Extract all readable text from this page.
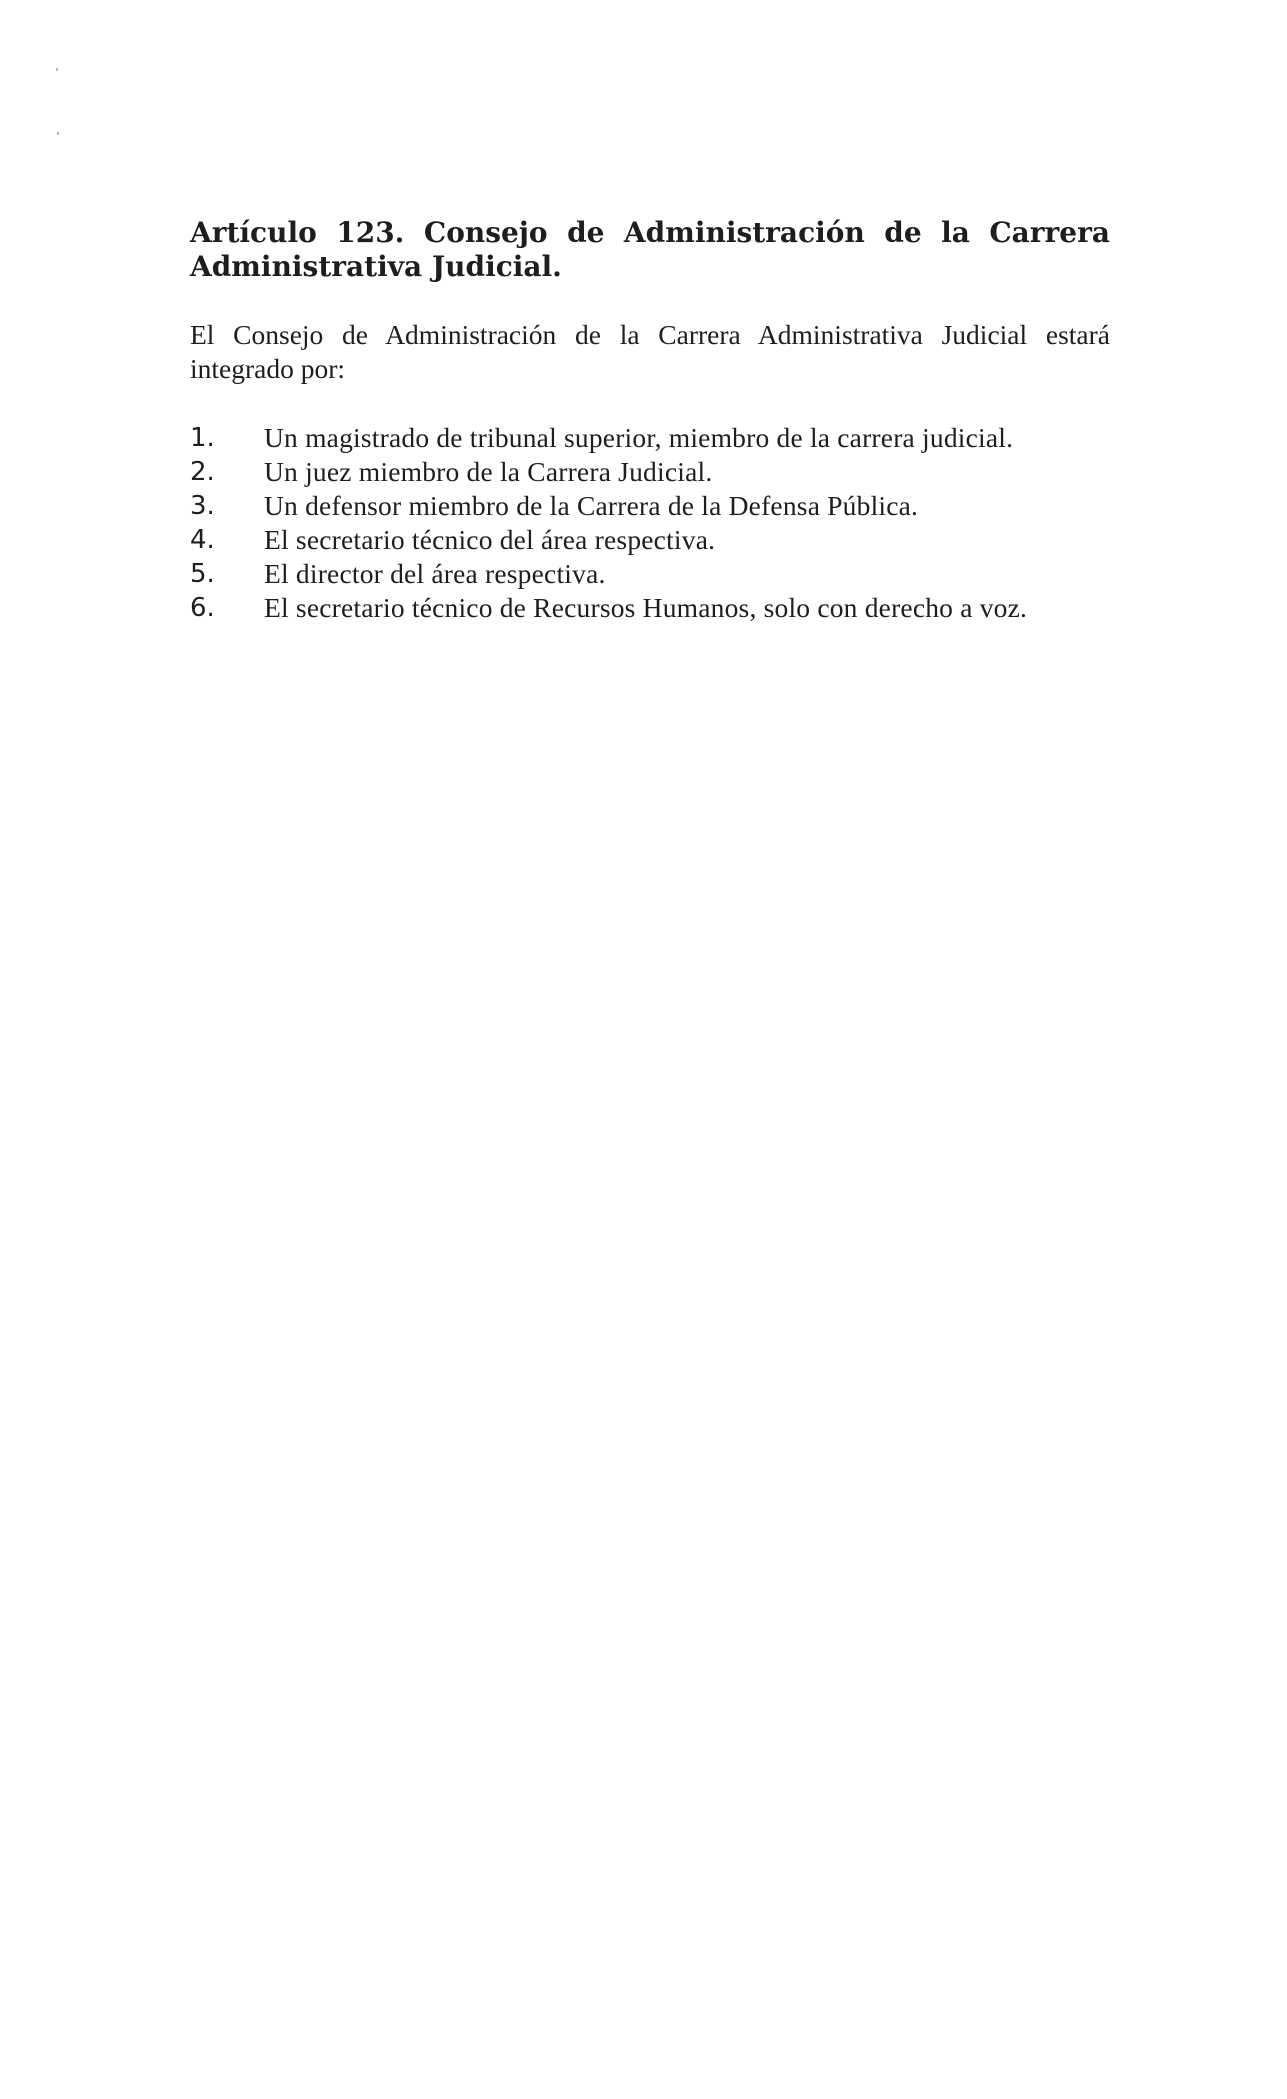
Artículo 123. Consejo de Administración de la Carrera Administrativa Judicial.
El Consejo de Administración de la Carrera Administrativa Judicial estará integrado por:
1.	Un magistrado de tribunal superior, miembro de la carrera judicial.
2.	Un juez miembro de la Carrera Judicial.
3.	Un defensor miembro de la Carrera de la Defensa Pública.
4.	El secretario técnico del área respectiva.
5.	El director del área respectiva.
6.	El secretario técnico de Recursos Humanos, solo con derecho a voz.
